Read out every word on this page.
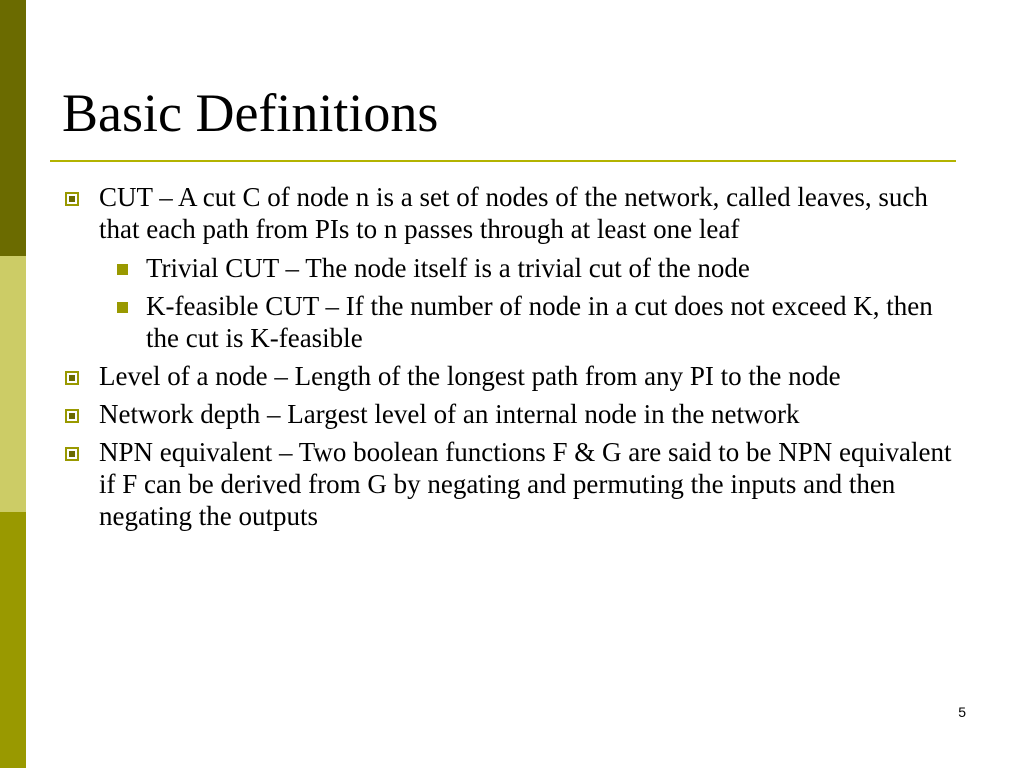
Basic Definitions
CUT – A cut C of node n is a set of nodes of the network, called leaves, such that each path from PIs to n passes through at least one leaf
Trivial CUT – The node itself is a trivial cut of the node
K-feasible CUT – If the number of node in a cut does not exceed K, then the cut is K-feasible
Level of a node – Length of the longest path from any PI to the node
Network depth – Largest level of an internal node in the network
NPN equivalent – Two boolean functions F & G are said to be NPN equivalent if F can be derived from G by negating and permuting the inputs and then negating the outputs
5
